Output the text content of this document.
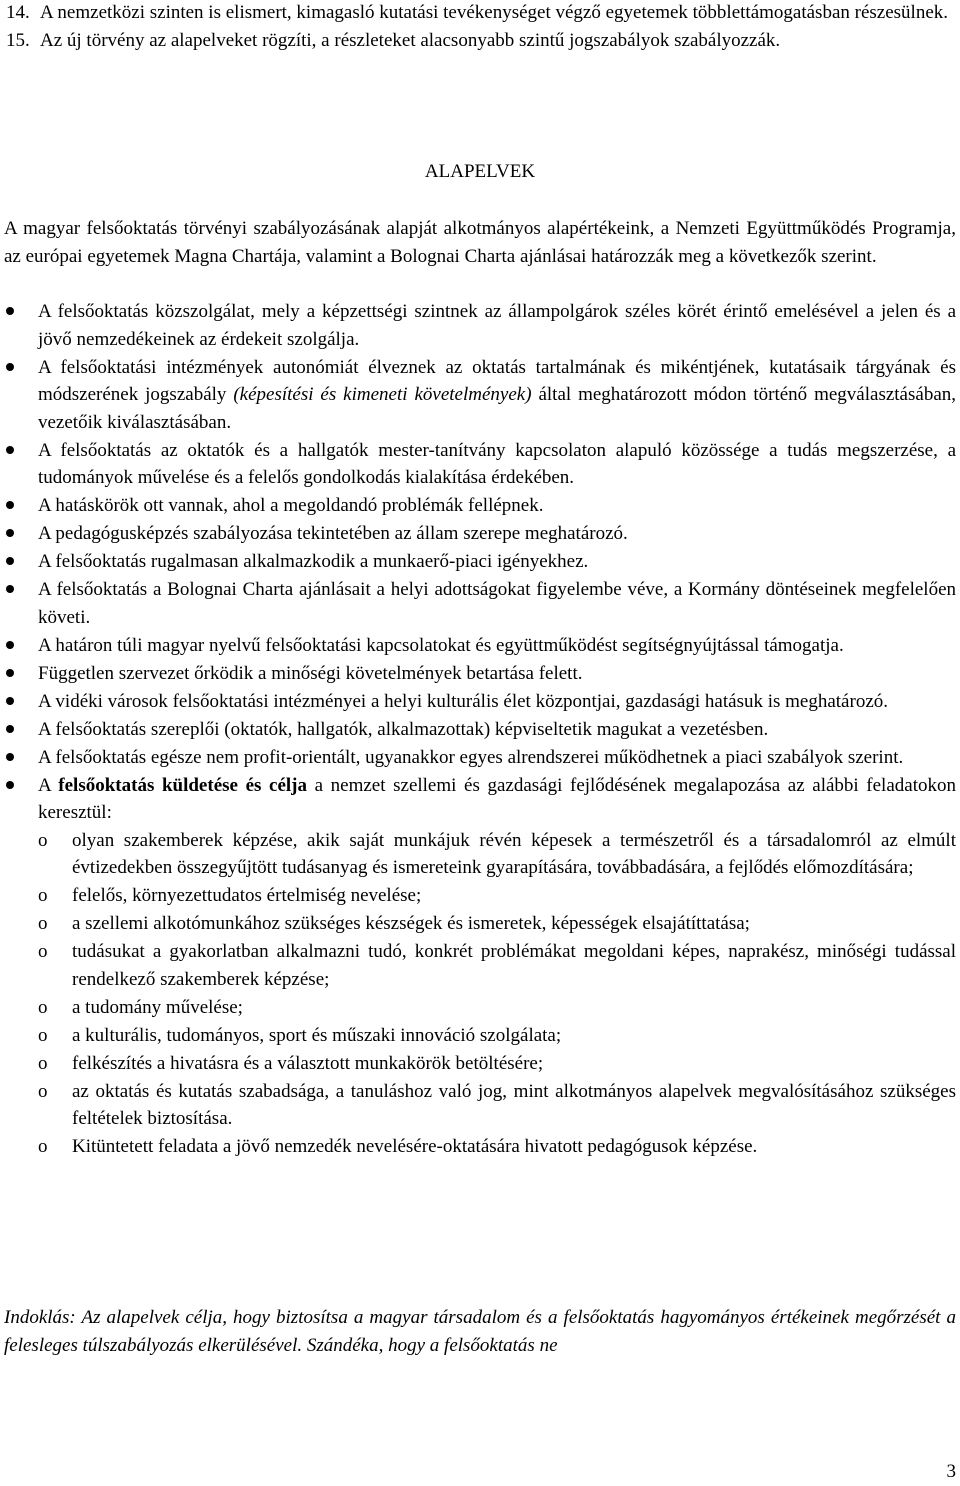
14. A nemzetközi szinten is elismert, kimagasló kutatási tevékenységet végző egyetemek többlettámogatásban részesülnek.
15. Az új törvény az alapelveket rögzíti, a részleteket alacsonyabb szintű jogszabályok szabályozzák.
ALAPELVEK
A magyar felsőoktatás törvényi szabályozásának alapját alkotmányos alapértékeink, a Nemzeti Együttműködés Programja, az európai egyetemek Magna Chartája, valamint a Bolognai Charta ajánlásai határozzák meg a következők szerint.
A felsőoktatás közszolgálat, mely a képzettségi szintnek az állampolgárok széles körét érintő emelésével a jelen és a jövő nemzedékeinek az érdekeit szolgálja.
A felsőoktatási intézmények autonómiát élveznek az oktatás tartalmának és mikéntjének, kutatásaik tárgyának és módszerének jogszabály (képesítési és kimeneti követelmények) által meghatározott módon történő megválasztásában, vezetőik kiválasztásában.
A felsőoktatás az oktatók és a hallgatók mester-tanítvány kapcsolaton alapuló közössége a tudás megszerzése, a tudományok művelése és a felelős gondolkodás kialakítása érdekében.
A hatáskörök ott vannak, ahol a megoldandó problémák fellépnek.
A pedagógusképzés szabályozása tekintetében az állam szerepe meghatározó.
A felsőoktatás rugalmasan alkalmazkodik a munkaerő-piaci igényekhez.
A felsőoktatás a Bolognai Charta ajánlásait a helyi adottságokat figyelembe véve, a Kormány döntéseinek megfelelően követi.
A határon túli magyar nyelvű felsőoktatási kapcsolatokat és együttműködést segítségnyújtással támogatja.
Független szervezet őrködik a minőségi követelmények betartása felett.
A vidéki városok felsőoktatási intézményei a helyi kulturális élet központjai, gazdasági hatásuk is meghatározó.
A felsőoktatás szereplői (oktatók, hallgatók, alkalmazottak) képviseltetik magukat a vezetésben.
A felsőoktatás egésze nem profit-orientált, ugyanakkor egyes alrendszerei működhetnek a piaci szabályok szerint.
A felsőoktatás küldetése és célja a nemzet szellemi és gazdasági fejlődésének megalapozása az alábbi feladatokon keresztül:
o olyan szakemberek képzése, akik saját munkájuk révén képesek a természetről és a társadalomról az elmúlt évtizedekben összegyűjtött tudásanyag és ismereteink gyarapítására, továbbadására, a fejlődés előmozdítására;
o felelős, környezettudatos értelmiség nevelése;
o a szellemi alkotómunkához szükséges készségek és ismeretek, képességek elsajátíttatása;
o tudásukat a gyakorlatban alkalmazni tudó, konkrét problémákat megoldani képes, naprakész, minőségi tudással rendelkező szakemberek képzése;
o a tudomány művelése;
o a kulturális, tudományos, sport és műszaki innováció szolgálata;
o felkészítés a hivatásra és a választott munkakörök betöltésére;
o az oktatás és kutatás szabadsága, a tanuláshoz való jog, mint alkotmányos alapelvek megvalósításához szükséges feltételek biztosítása.
o Kitüntetett feladata a jövő nemzedék nevelésére-oktatására hivatott pedagógusok képzése.
Indoklás: Az alapelvek célja, hogy biztosítsa a magyar társadalom és a felsőoktatás hagyományos értékeinek megőrzését a felesleges túlszabályozás elkerülésével. Szándéka, hogy a felsőoktatás ne
3
